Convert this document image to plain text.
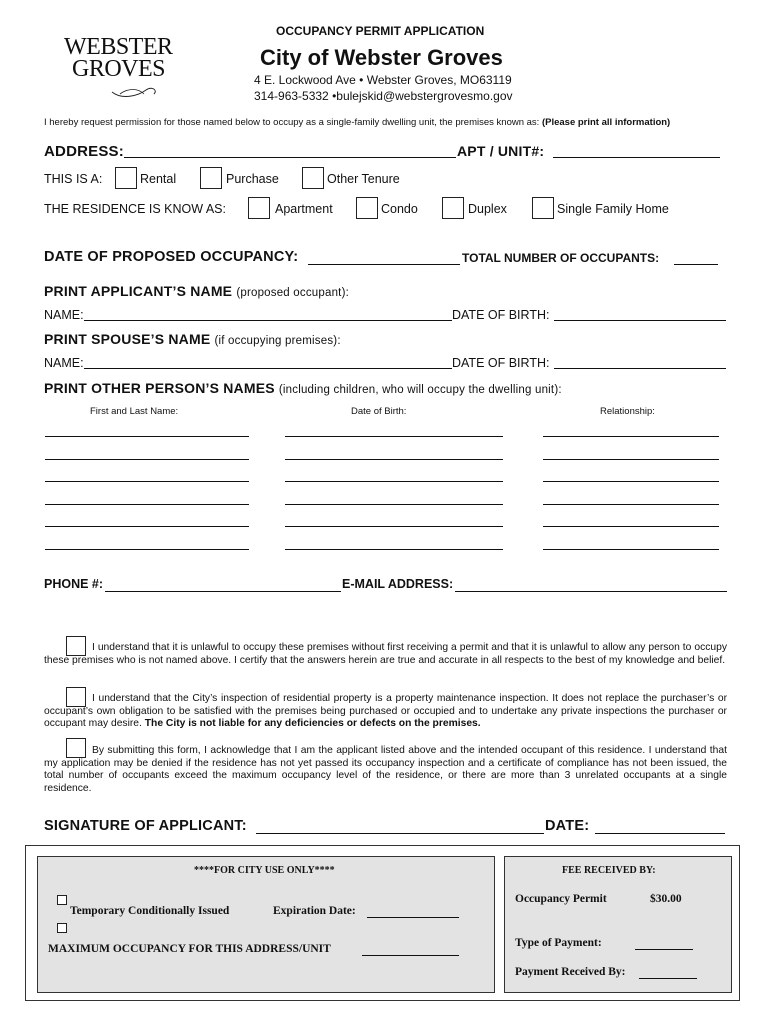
WEBSTER
GROVES
OCCUPANCY PERMIT APPLICATION
City of Webster Groves
4 E. Lockwood Ave • Webster Groves, MO63119
314-963-5332 •bulejskid@webstergrovesmo.gov
I hereby request permission for those named below to occupy as a single-family dwelling unit, the premises known as: (Please print all information)
ADDRESS:	APT / UNIT#:
THIS IS A:	Rental	Purchase	Other Tenure
THE RESIDENCE IS KNOW AS:	Apartment	Condo	Duplex	Single Family Home
DATE OF PROPOSED OCCUPANCY:	TOTAL NUMBER OF OCCUPANTS:
PRINT APPLICANT’S NAME (proposed occupant):
NAME:	DATE OF BIRTH:
PRINT SPOUSE’S NAME (if occupying premises):
NAME:	DATE OF BIRTH:
PRINT OTHER PERSON’S NAMES (including children, who will occupy the dwelling unit):
First and Last Name:	Date of Birth:	Relationship:
PHONE #:	E-MAIL ADDRESS:
I understand that it is unlawful to occupy these premises without first receiving a permit and that it is unlawful to allow any person to occupy these premises who is not named above. I certify that the answers herein are true and accurate in all respects to the best of my knowledge and belief.
I understand that the City’s inspection of residential property is a property maintenance inspection. It does not replace the purchaser’s or occupant’s own obligation to be satisfied with the premises being purchased or occupied and to undertake any private inspections the purchaser or occupant may desire. The City is not liable for any deficiencies or defects on the premises.
By submitting this form, I acknowledge that I am the applicant listed above and the intended occupant of this residence. I understand that my application may be denied if the residence has not yet passed its occupancy inspection and a certificate of compliance has not been issued, the total number of occupants exceed the maximum occupancy level of the residence, or there are more than 3 unrelated occupants at a single residence.
SIGNATURE OF APPLICANT:	DATE:
****FOR CITY USE ONLY****
Temporary Conditionally Issued	Expiration Date:
MAXIMUM OCCUPANCY FOR THIS ADDRESS/UNIT
FEE RECEIVED BY:
Occupancy Permit	$30.00
Type of Payment:
Payment Received By:
